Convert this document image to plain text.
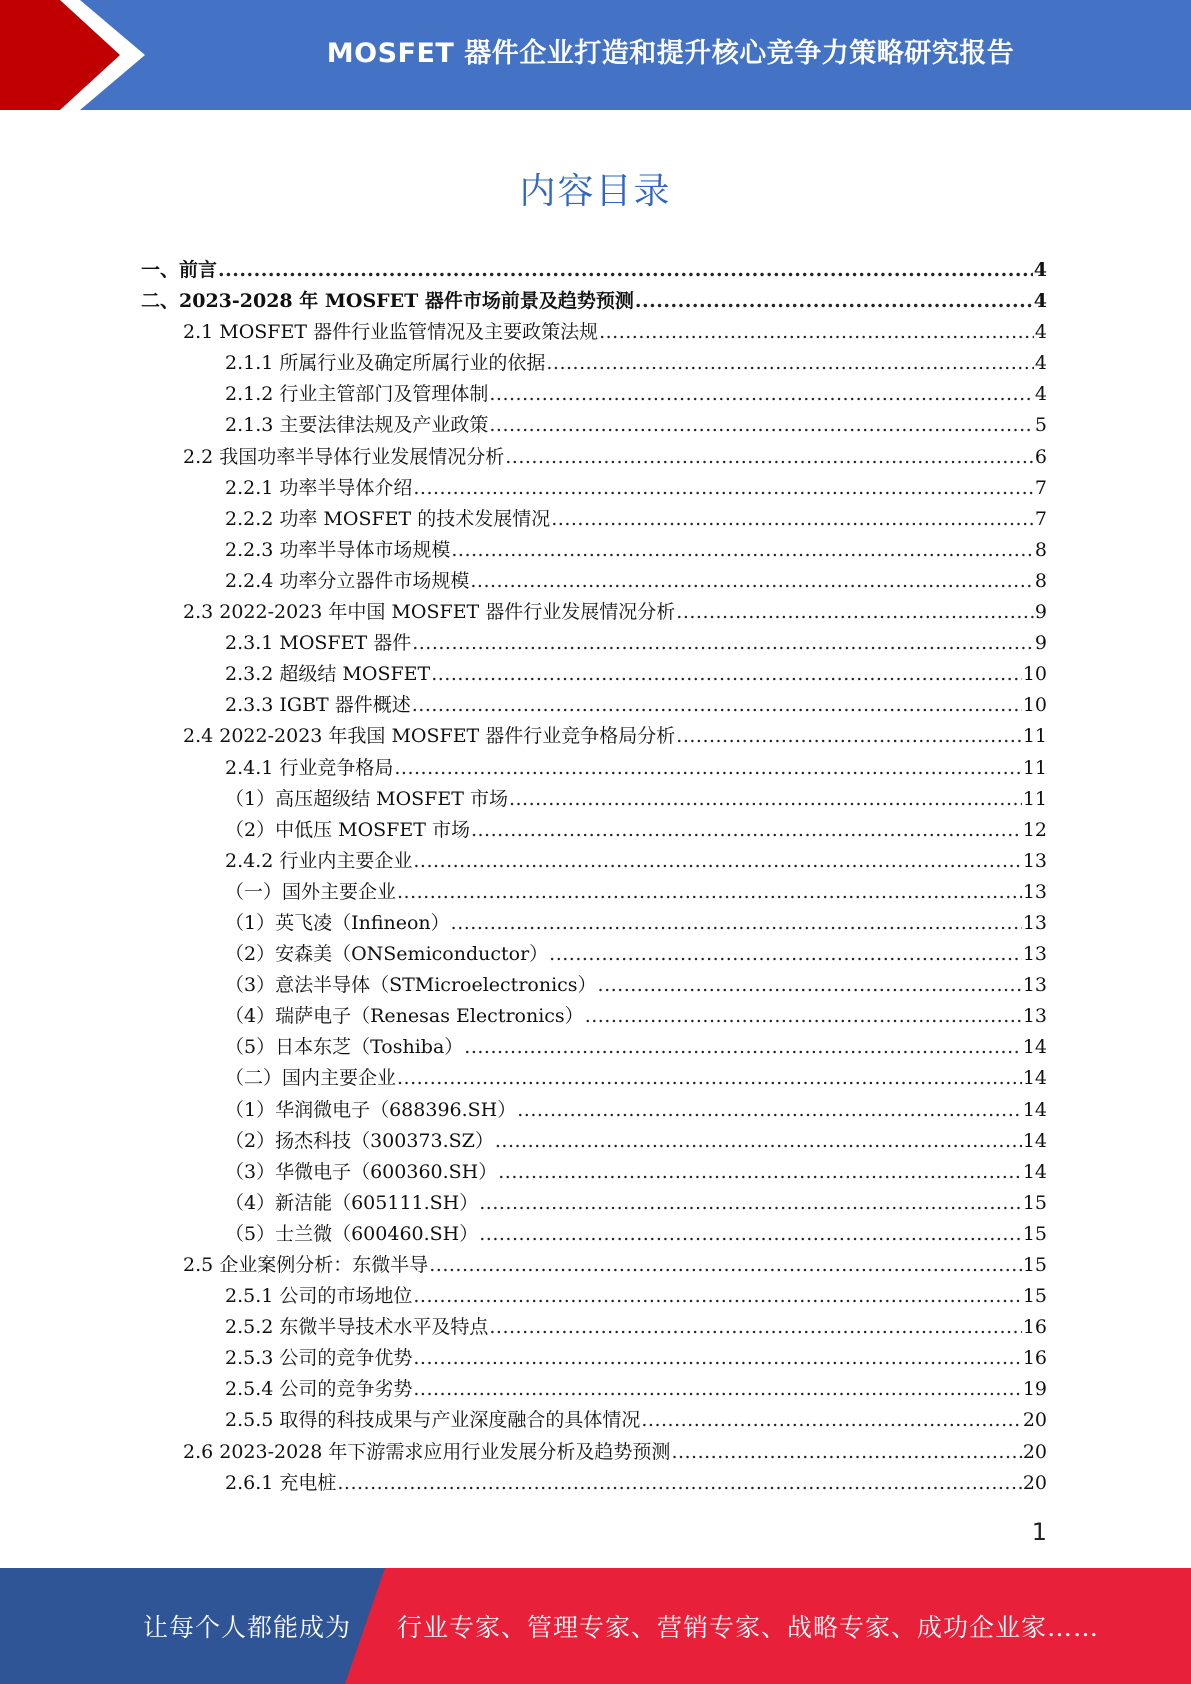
MOSFET 器件企业打造和提升核心竞争力策略研究报告
内容目录
一、前言 .....	4
二、2023-2028 年 MOSFET 器件市场前景及趋势预测 .....	4
2.1 MOSFET 器件行业监管情况及主要政策法规 .....	4
2.1.1 所属行业及确定所属行业的依据 .....	4
2.1.2 行业主管部门及管理体制 .....	4
2.1.3 主要法律法规及产业政策 .....	5
2.2 我国功率半导体行业发展情况分析 .....	6
2.2.1 功率半导体介绍 .....	7
2.2.2 功率 MOSFET 的技术发展情况 .....	7
2.2.3 功率半导体市场规模 .....	8
2.2.4 功率分立器件市场规模 .....	8
2.3 2022-2023 年中国 MOSFET 器件行业发展情况分析 .....	9
2.3.1 MOSFET 器件 .....	9
2.3.2 超级结 MOSFET .....	10
2.3.3 IGBT 器件概述 .....	10
2.4 2022-2023 年我国 MOSFET 器件行业竞争格局分析 .....	11
2.4.1 行业竞争格局 .....	11
（1）高压超级结 MOSFET 市场 .....	11
（2）中低压 MOSFET 市场 .....	12
2.4.2 行业内主要企业 .....	13
（一）国外主要企业 .....	13
（1）英飞凌（Infineon） .....	13
（2）安森美（ONSemiconductor） .....	13
（3）意法半导体（STMicroelectronics） .....	13
（4）瑞萨电子（Renesas Electronics） .....	13
（5）日本东芝（Toshiba） .....	14
（二）国内主要企业 .....	14
（1）华润微电子（688396.SH） .....	14
（2）扬杰科技（300373.SZ） .....	14
（3）华微电子（600360.SH） .....	14
（4）新洁能（605111.SH） .....	15
（5）士兰微（600460.SH） .....	15
2.5 企业案例分析：东微半导 .....	15
2.5.1 公司的市场地位 .....	15
2.5.2 东微半导技术水平及特点 .....	16
2.5.3 公司的竞争优势 .....	16
2.5.4 公司的竞争劣势 .....	19
2.5.5 取得的科技成果与产业深度融合的具体情况 .....	20
2.6 2023-2028 年下游需求应用行业发展分析及趋势预测 .....	20
2.6.1 充电桩 .....	20
1
让每个人都能成为 行业专家、管理专家、营销专家、战略专家、成功企业家……
